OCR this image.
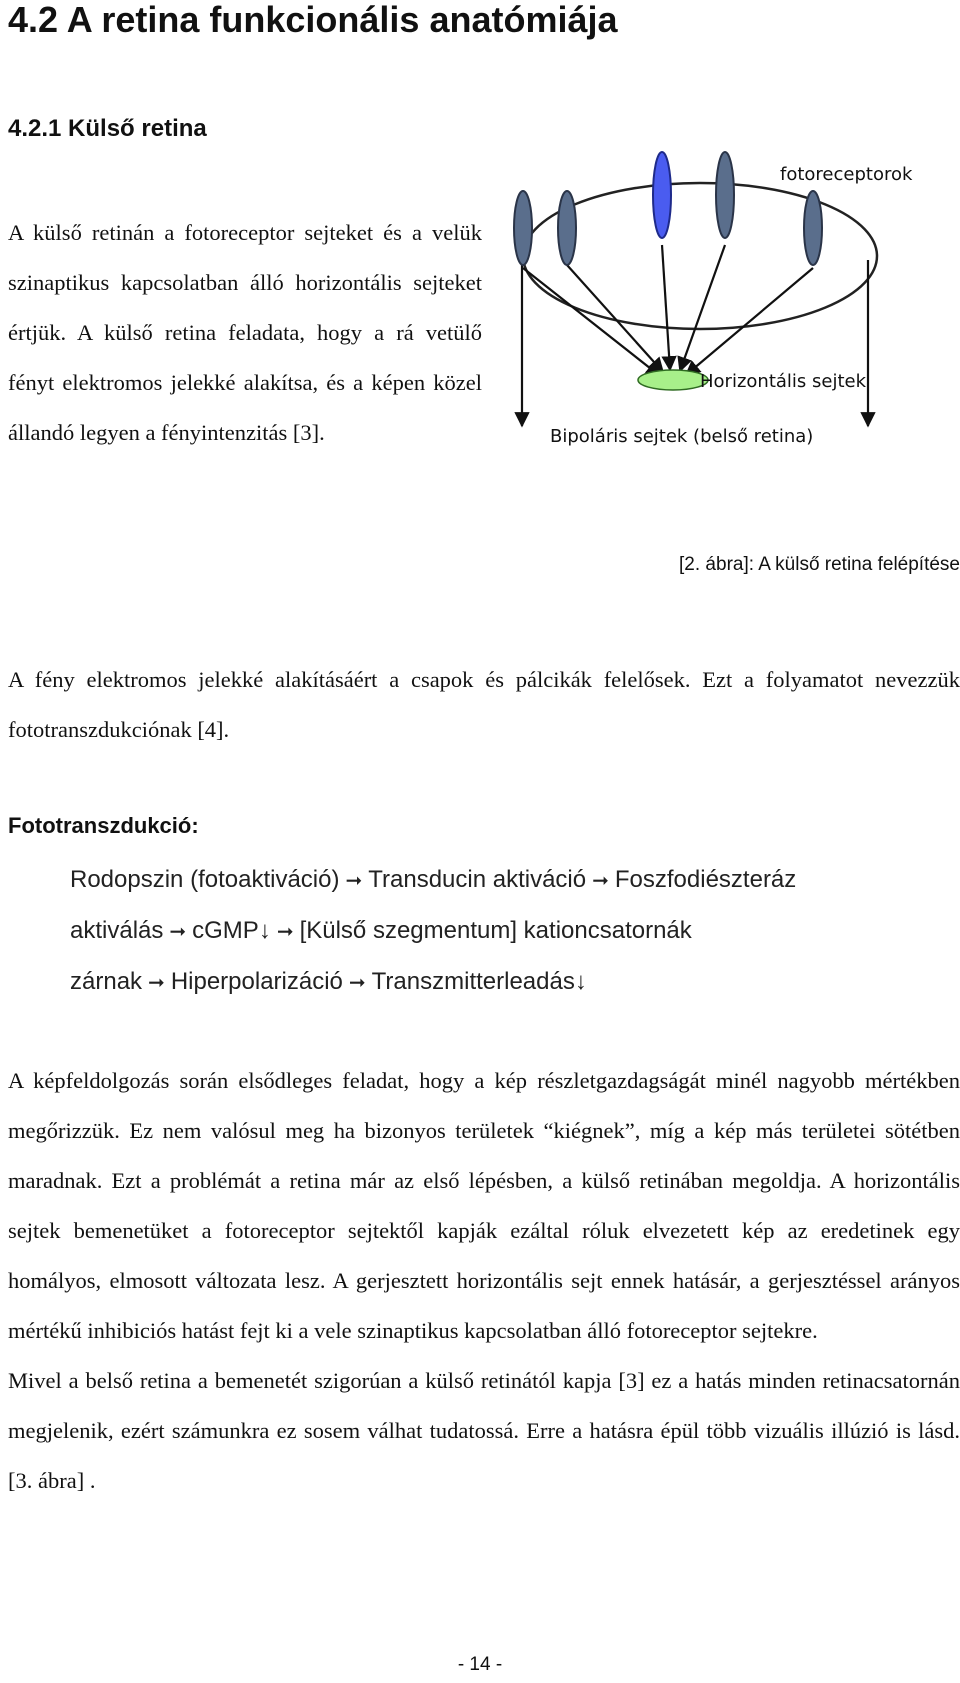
4.2 A retina funkcionális anatómiája
4.2.1 Külső retina

A külső retinán a fotoreceptor sejteket és a velük szinaptikus kapcsolatban álló horizontális sejteket értjük. A külső retina feladata, hogy a rá vetülő fényt elektromos jelekké alakítsa, és a képen közel állandó legyen a fényintenzitás [3].

fotoreceptorok
Horizontális sejtek
Bipoláris sejtek (belső retina)

[2. ábra]: A külső retina felépítése

A fény elektromos jelekké alakításáért a csapok és pálcikák felelősek. Ezt a folyamatot nevezzük fototranszdukciónak [4].

Fototranszdukció:

Rodopszin (fotoaktiváció) ➞ Transducin aktiváció ➞ Foszfodiészteráz aktiválás ➞ cGMP↓ ➞ [Külső szegmentum] kationcsatornák zárnak ➞ Hiperpolarizáció ➞ Transzmitterleadás↓

A képfeldolgozás során elsődleges feladat, hogy a kép részletgazdagságát minél nagyobb mértékben megőrizzük. Ez nem valósul meg ha bizonyos területek “kiégnek”, míg a kép más területei sötétben maradnak. Ezt a problémát a retina már az első lépésben, a külső retinában megoldja. A horizontális sejtek bemenetüket a fotoreceptor sejtektől kapják ezáltal róluk elvezetett kép az eredetinek egy homályos, elmosott változata lesz. A gerjesztett horizontális sejt ennek hatásár, a gerjesztéssel arányos mértékű inhibiciós hatást fejt ki a vele szinaptikus kapcsolatban álló fotoreceptor sejtekre.
Mivel a belső retina a bemenetét szigorúan a külső retinától kapja [3] ez a hatás minden retinacsatornán megjelenik, ezért számunkra ez sosem válhat tudatossá. Erre a hatásra épül több vizuális illúzió is lásd. [3. ábra] .

- 14 -
